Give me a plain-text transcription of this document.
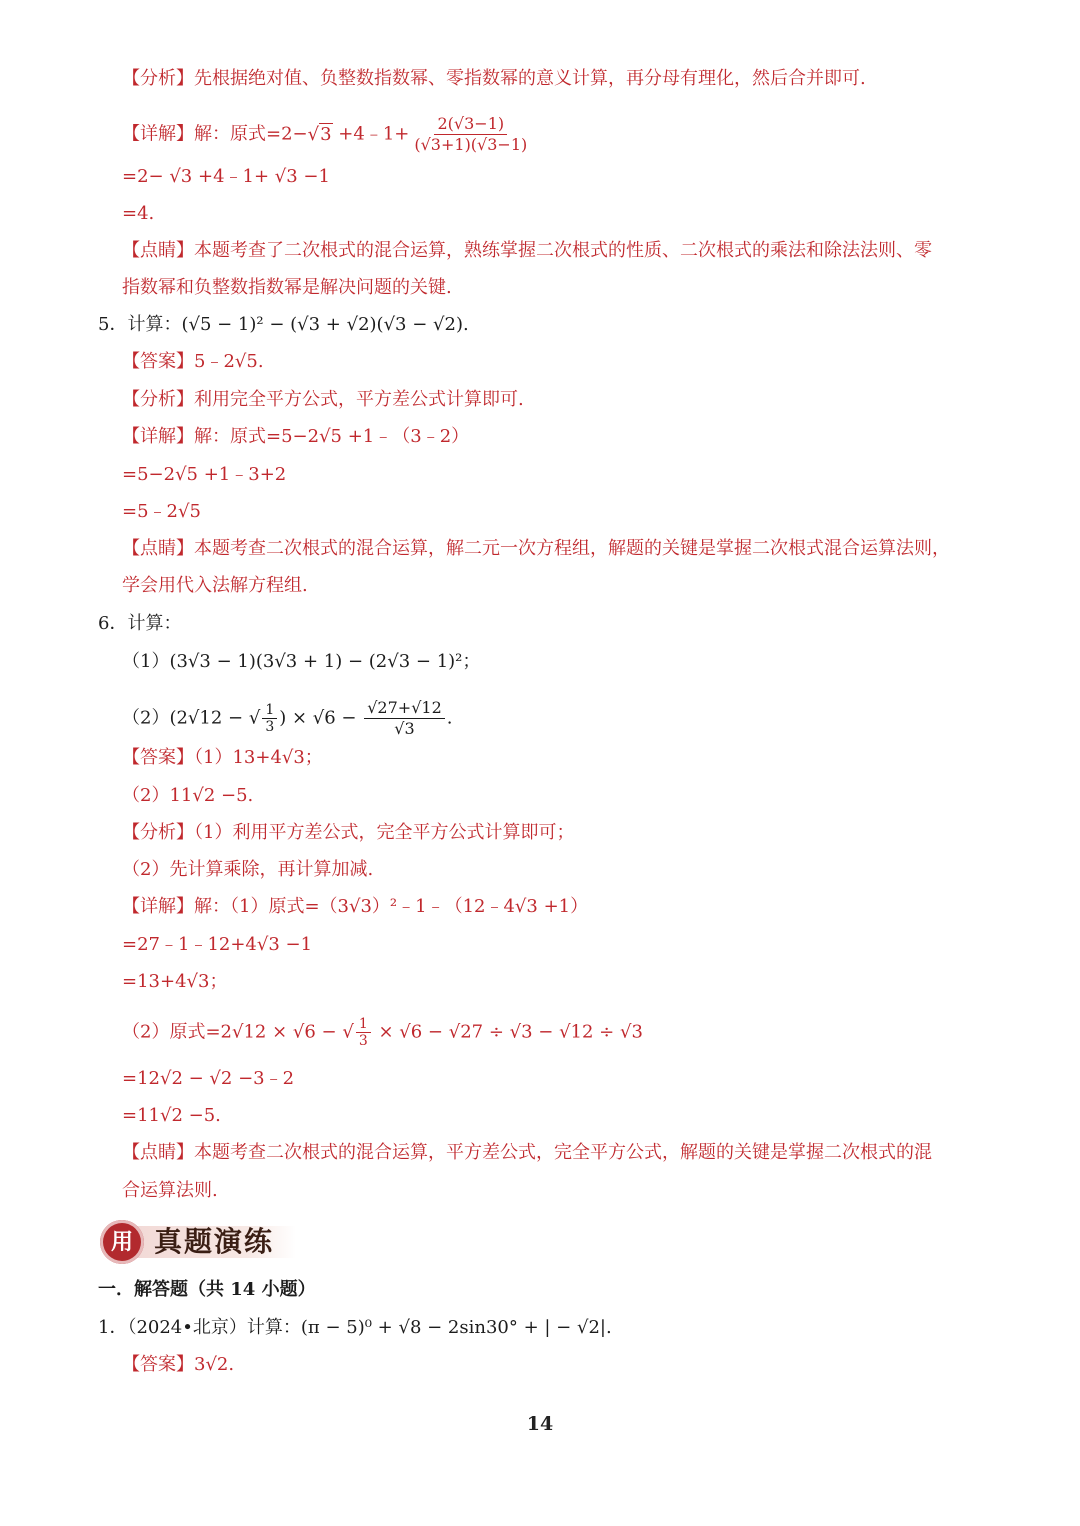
【分析】先根据绝对值、负整数指数幂、零指数幂的意义计算，再分母有理化，然后合并即可.
【详解】解：原式=2−√3 +4﹣1+ $\frac{2(√3-1)}{(√3+1)(√3-1)}$
=2− √3 +4﹣1+ √3 −1
=4.
【点睛】本题考查了二次根式的混合运算，熟练掌握二次根式的性质、二次根式的乘法和除法法则、零
指数幂和负整数指数幂是解决问题的关键.
5．计算：(√5 − 1)² − (√3 + √2)(√3 − √2).
【答案】5﹣2√5.
【分析】利用完全平方公式，平方差公式计算即可.
【详解】解：原式=5−2√5 +1﹣（3﹣2）
=5−2√5 +1﹣3+2
=5﹣2√5
【点睛】本题考查二次根式的混合运算，解二元一次方程组，解题的关键是掌握二次根式混合运算法则，
学会用代入法解方程组.
6．计算：
（1）(3√3 − 1)(3√3 + 1) − (2√3 − 1)²；
（2）(2√12 − √ $\frac{1}{3}$ ) × $√6 - \frac{√27+√12}{√3}$ .
【答案】（1）13+4√3；
（2）11√2 −5.
【分析】（1）利用平方差公式，完全平方公式计算即可；
（2）先计算乘除，再计算加减.
【详解】解：（1）原式=（3√3）²﹣1﹣（12﹣4√3 +1）
=27﹣1﹣12+4√3 −1
=13+4√3；
（2）原式=2√12 × √6 − √ $\frac{1}{3} \times √6 - √27 \div √3 - √12 \div √3$
=12√2 − √2 −3﹣2
=11√2 −5.
【点睛】本题考查二次根式的混合运算，平方差公式，完全平方公式，解题的关键是掌握二次根式的混
合运算法则.
用 真题演练
一．解答题（共 14 小题）
1．（2024•北京）计算：(π − 5)⁰ + √8 − 2sin30° + | − √2|.
【答案】3√2.
14
